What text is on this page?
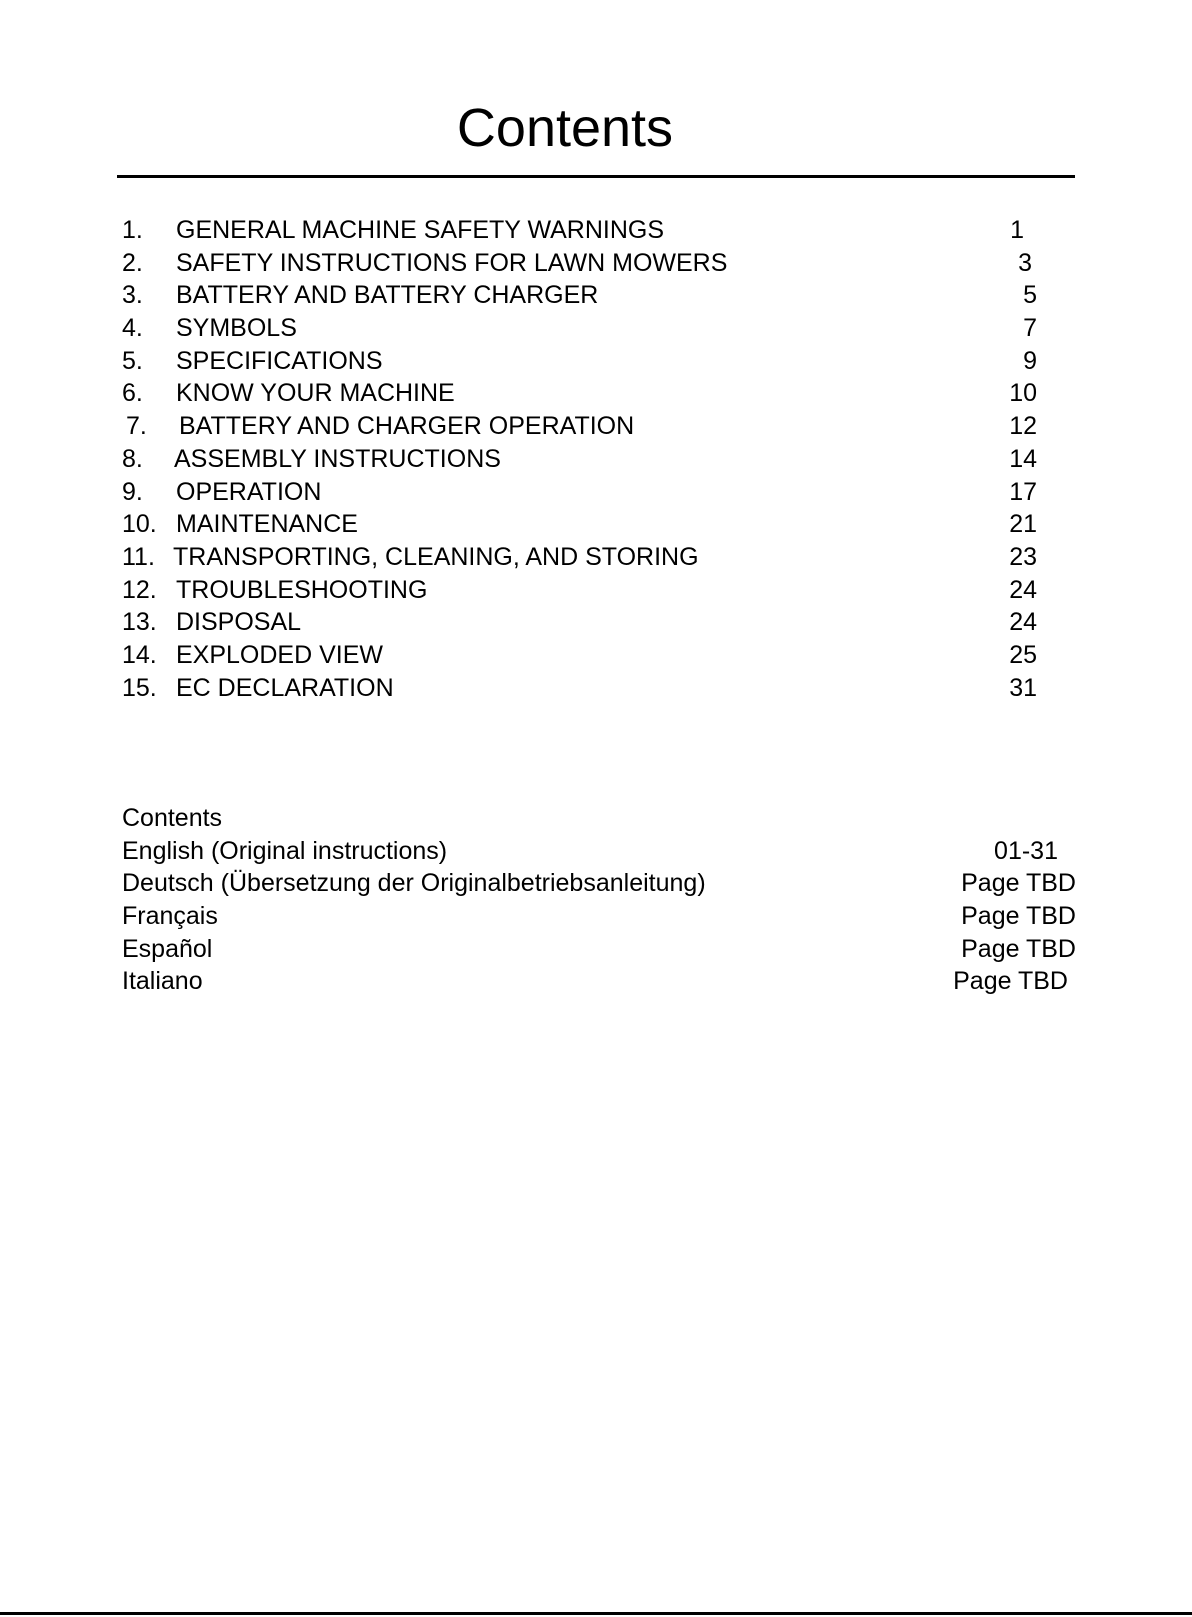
Contents
1. GENERAL MACHINE SAFETY WARNINGS	1
2. SAFETY INSTRUCTIONS FOR LAWN MOWERS	3
3. BATTERY AND BATTERY CHARGER	5
4. SYMBOLS	7
5. SPECIFICATIONS	9
6. KNOW YOUR MACHINE	10
7. BATTERY AND CHARGER OPERATION	12
8. ASSEMBLY INSTRUCTIONS	14
9. OPERATION	17
10. MAINTENANCE	21
11. TRANSPORTING, CLEANING, AND STORING	23
12. TROUBLESHOOTING	24
13. DISPOSAL	24
14. EXPLODED VIEW	25
15. EC DECLARATION	31
Contents
English (Original instructions)	01-31
Deutsch (Übersetzung der Originalbetriebsanleitung)	Page TBD
Français	Page TBD
Español	Page TBD
Italiano	Page TBD
